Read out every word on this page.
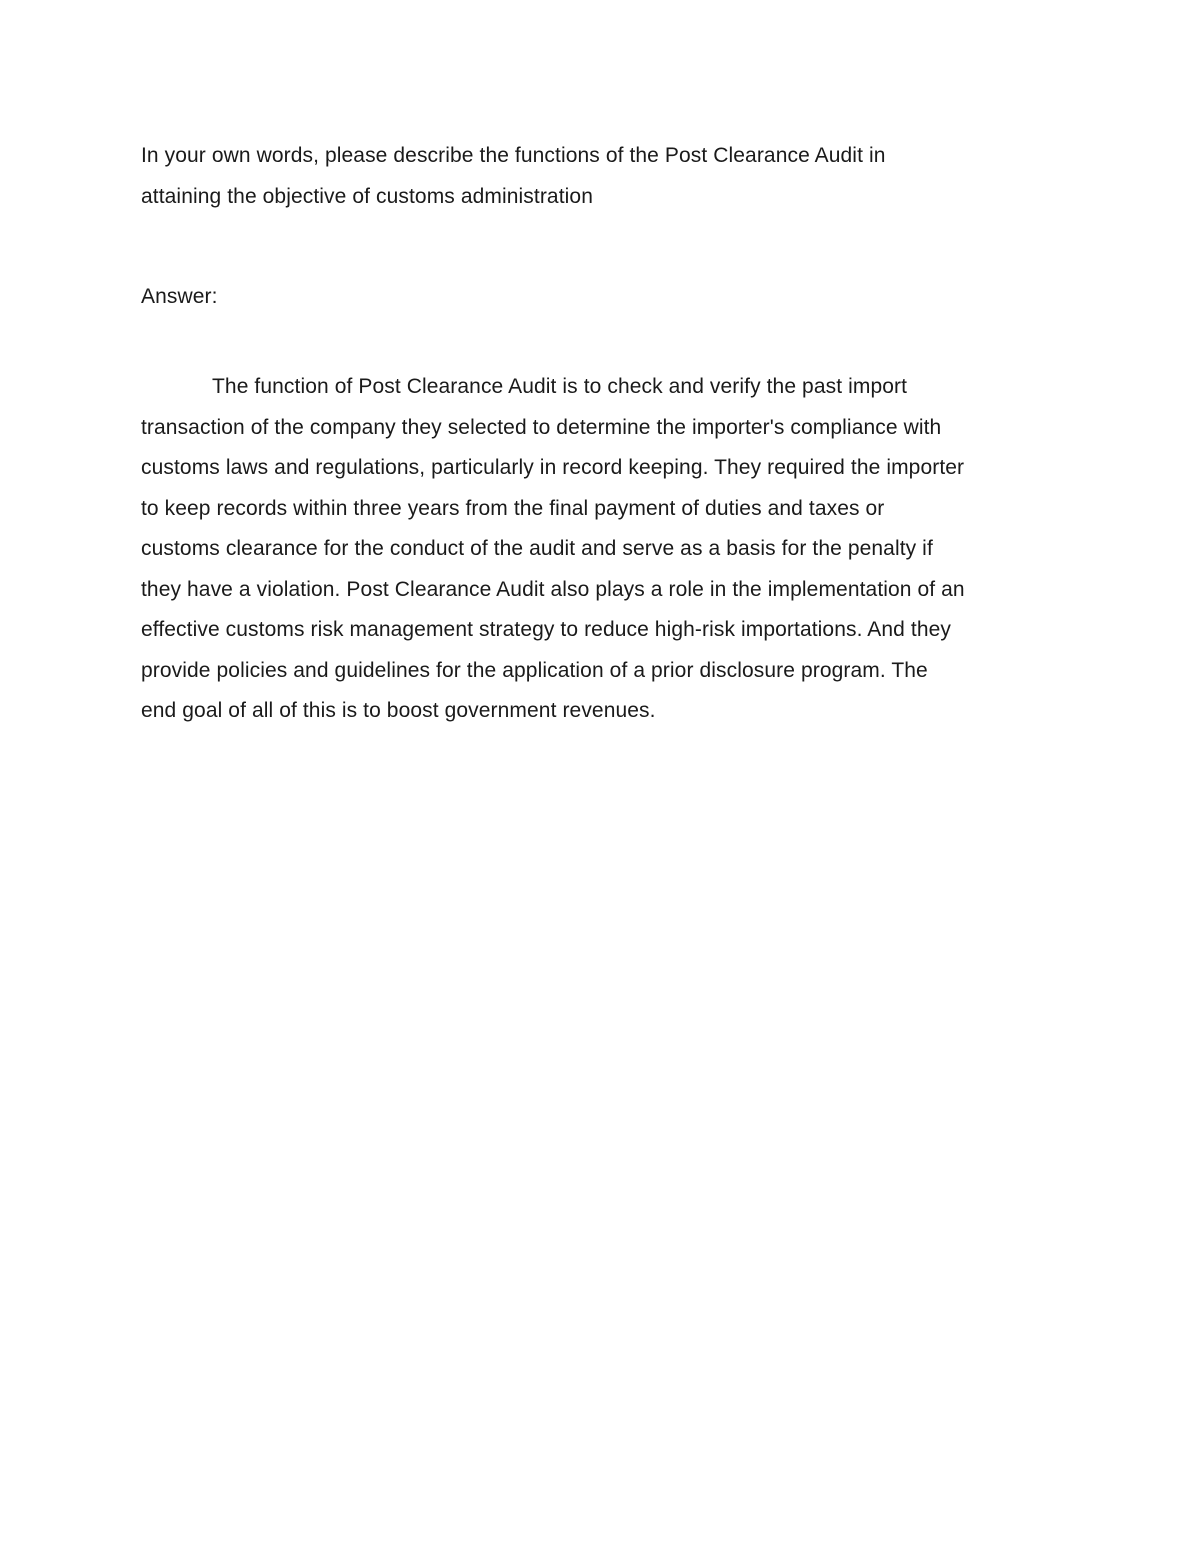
In your own words, please describe the functions of the Post Clearance Audit in
attaining the objective of customs administration
Answer:
The function of Post Clearance Audit is to check and verify the past import
transaction of the company they selected to determine the importer's compliance with
customs laws and regulations, particularly in record keeping. They required the importer
to keep records within three years from the final payment of duties and taxes or
customs clearance for the conduct of the audit and serve as a basis for the penalty if
they have a violation. Post Clearance Audit also plays a role in the implementation of an
effective customs risk management strategy to reduce high-risk importations. And they
provide policies and guidelines for the application of a prior disclosure program. The
end goal of all of this is to boost government revenues.
